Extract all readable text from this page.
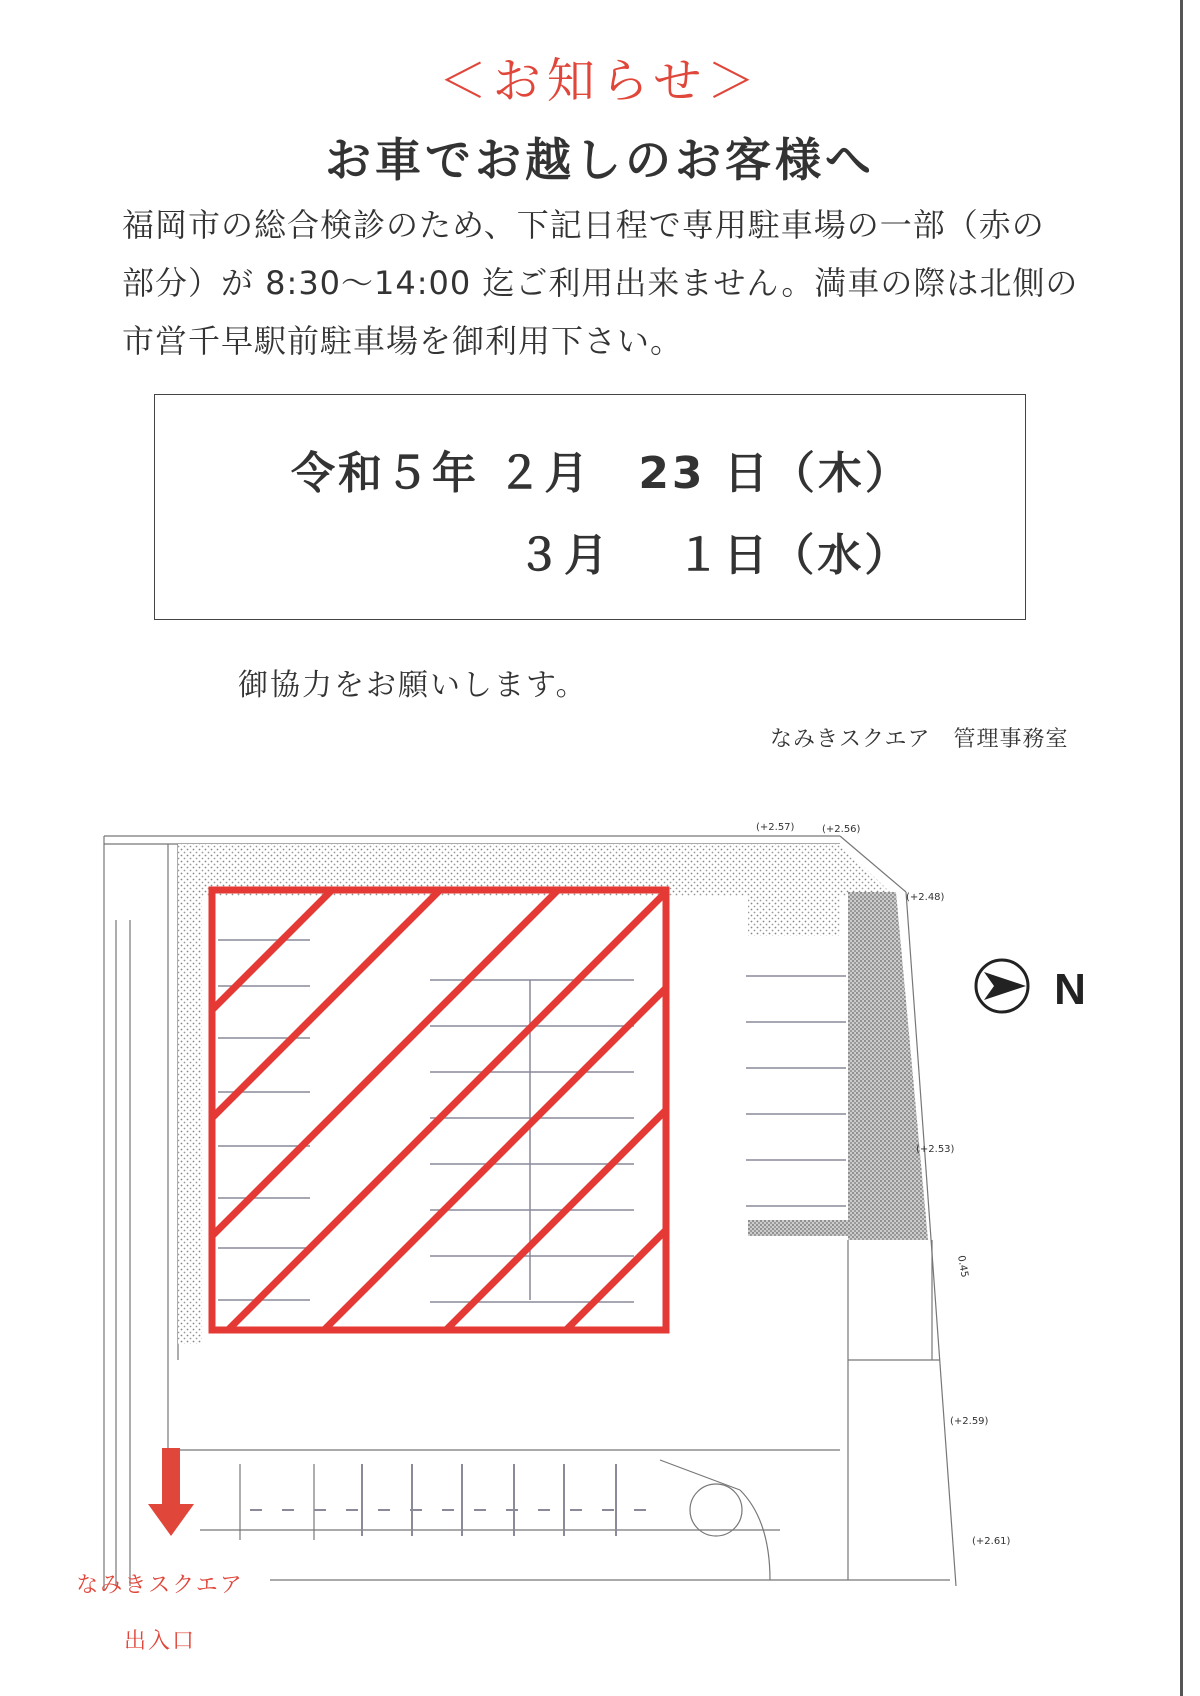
＜お知らせ＞
お車でお越しのお客様へ

福岡市の総合検診のため、下記日程で専用駐車場の一部（赤の

部分）が 8:30〜14:00 迄ご利用出来ません。満車の際は北側の

市営千早駅前駐車場を御利用下さい。

令和５年 ２月　23 日（木）
３月　 １日（水）
御協力をお願いします。
なみきスクエア　管理事務室
N
(+2.57)	(+2.56)
(+2.48)
(+2.53)
0.45
(+2.59)
(+2.61)
なみきスクエア
出入口
